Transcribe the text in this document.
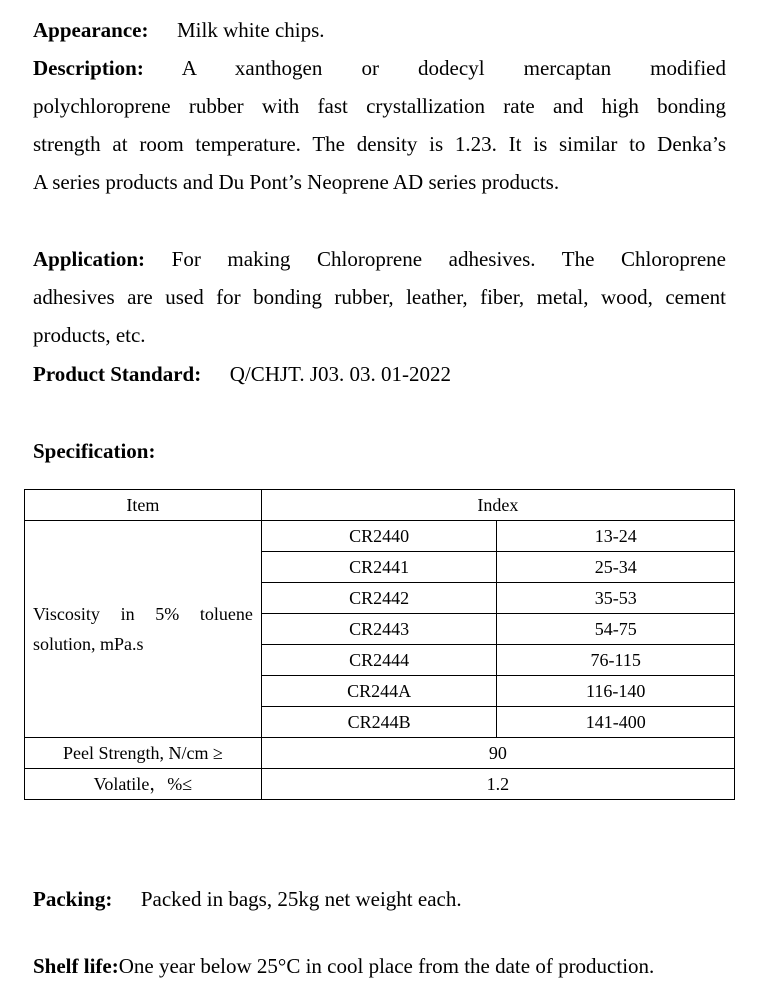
Appearance: Milk white chips.
Description: A xanthogen or dodecyl mercaptan modified
polychloroprene rubber with fast crystallization rate and high bonding
strength at room temperature. The density is 1.23. It is similar to Denka’s
A series products and Du Pont’s Neoprene AD series products.
Application: For making Chloroprene adhesives. The Chloroprene
adhesives are used for bonding rubber, leather, fiber, metal, wood, cement
products, etc.
Product Standard: Q/CHJT. J03. 03. 01-2022
Specification:
Item	Index	

Viscosity in 5% toluene
solution, mPa.s	CR2440	13-24
	CR2441	25-34
	CR2442	35-53
	CR2443	54-75
	CR2444	76-115
	CR244A	116-140
	CR244B	141-400
Peel Strength, N/cm ≥	90	
Volatile，%≤	1.2	
Packing: Packed in bags, 25kg net weight each.
Shelf life:One year below 25°C in cool place from the date of production.
